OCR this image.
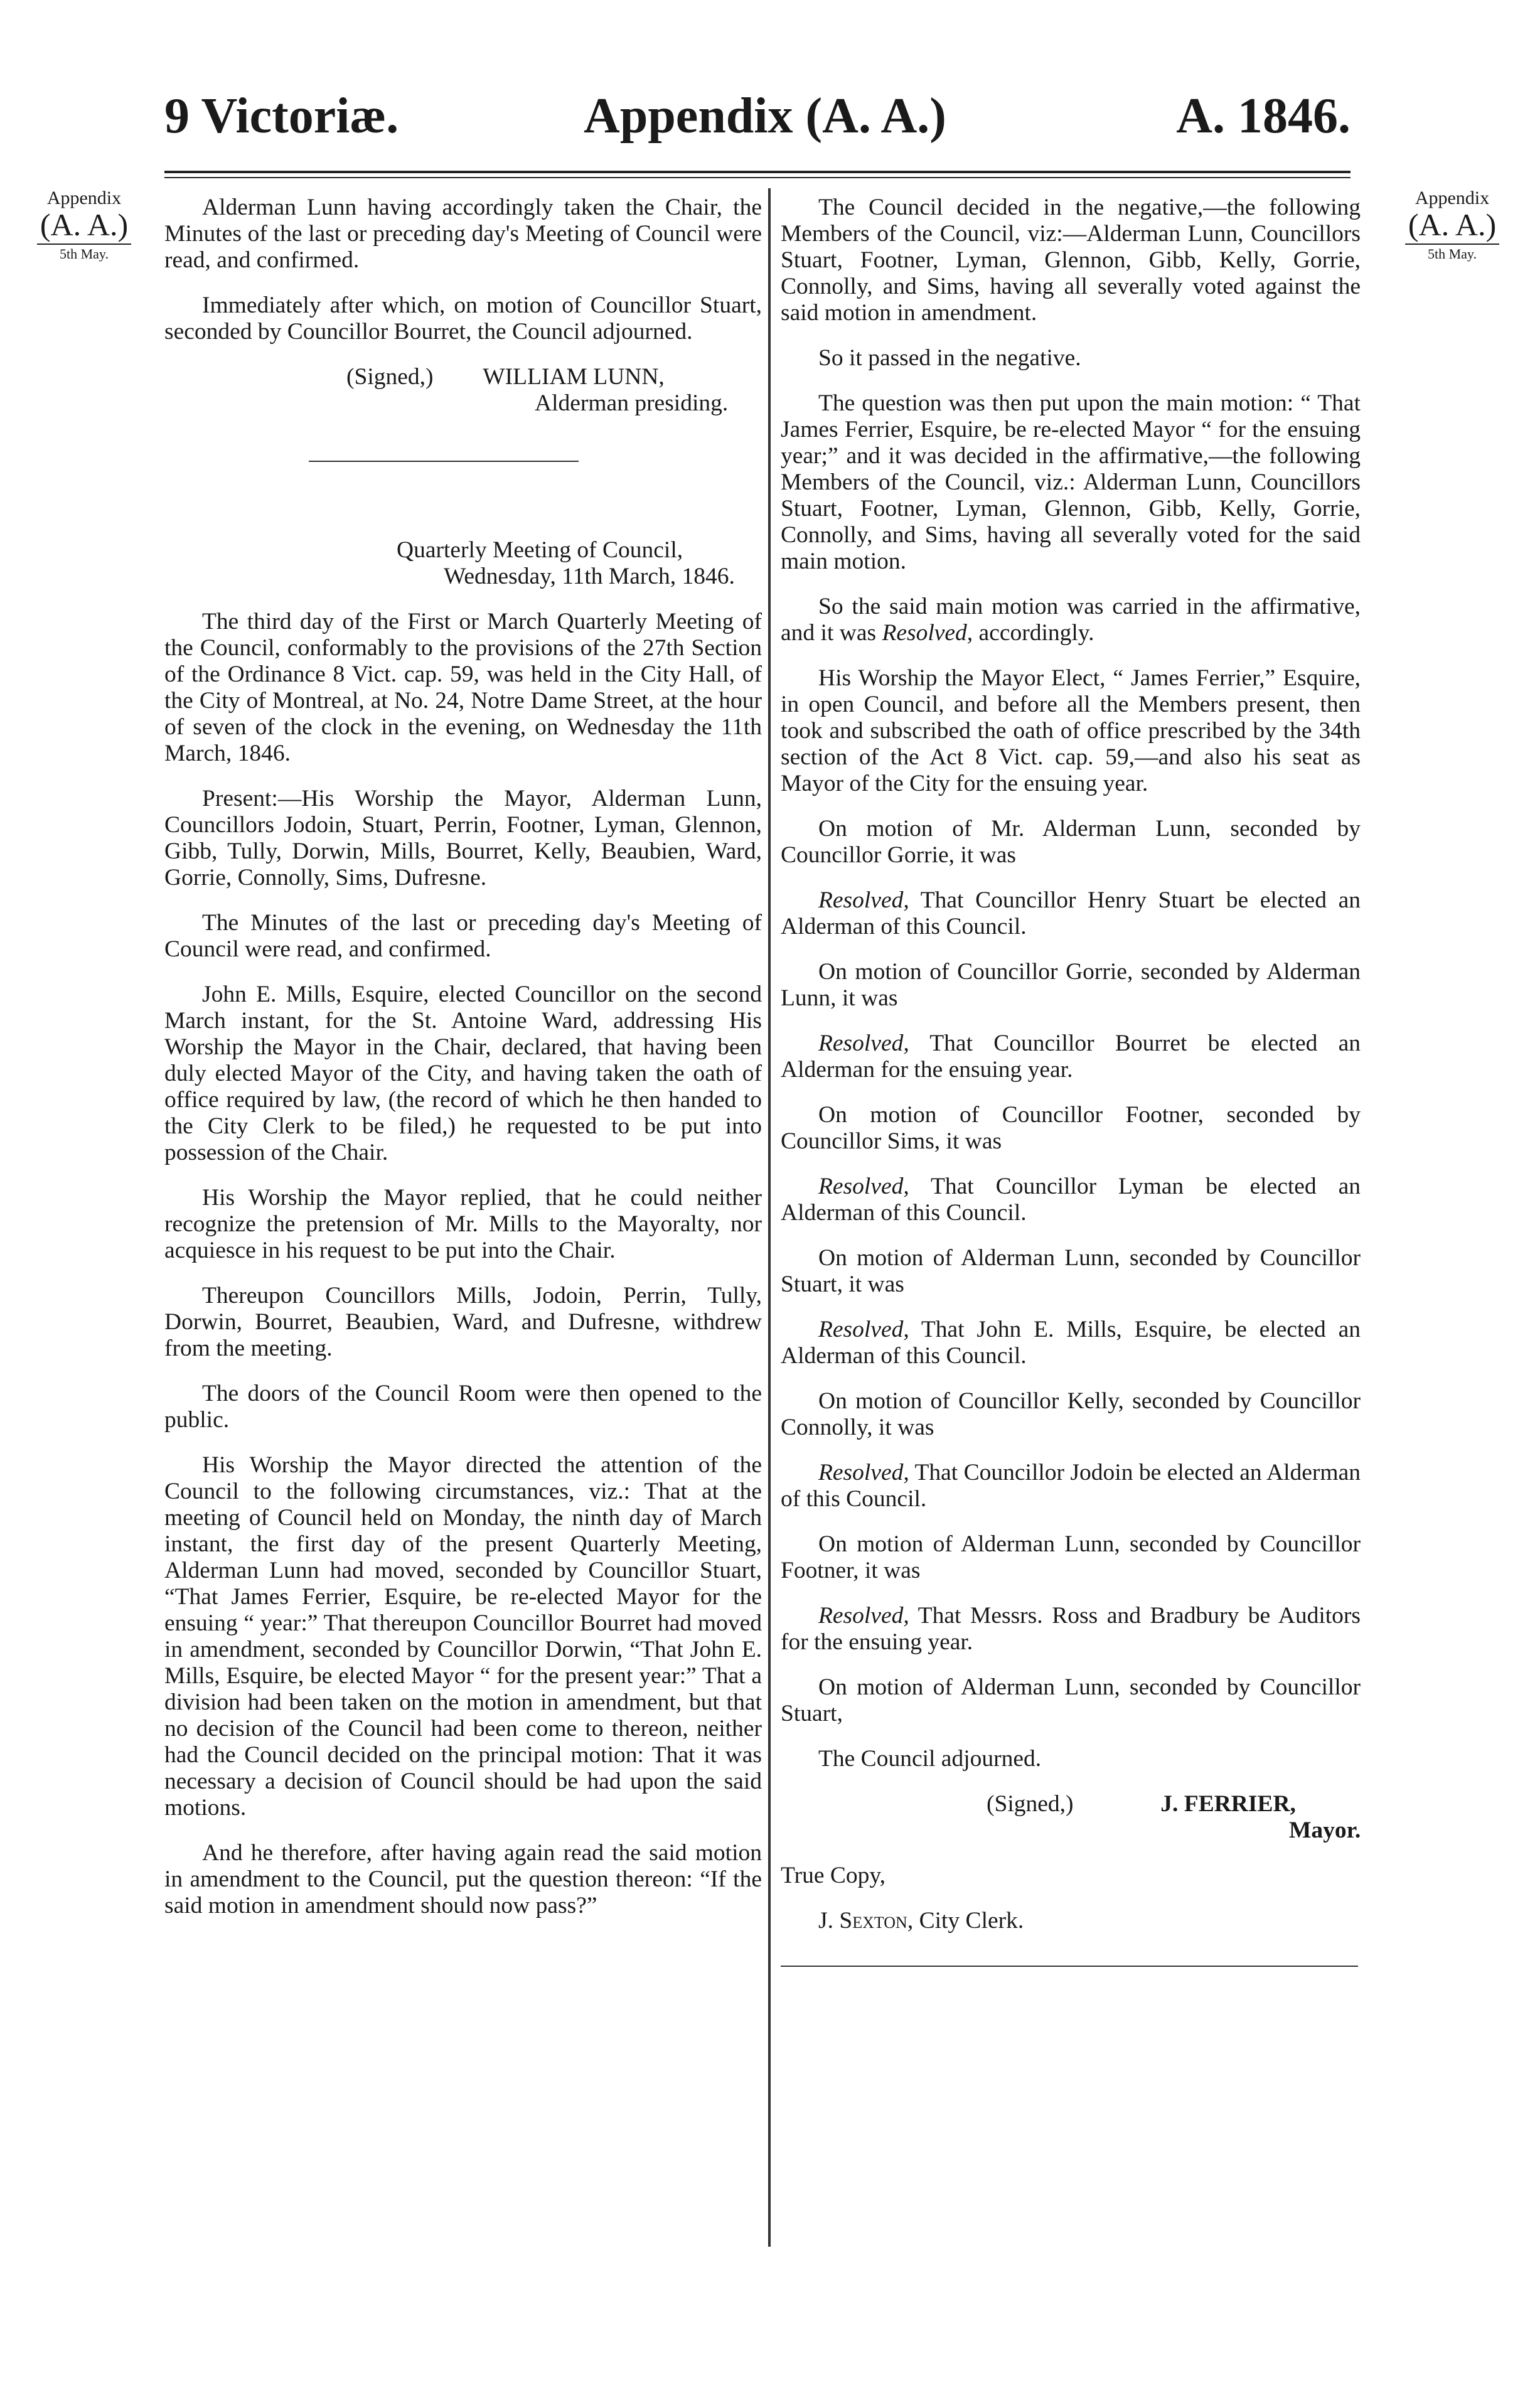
9 Victoriæ.	Appendix (A. A.)	A. 1846.
Appendix
(A. A.)
5th May.
Appendix
(A. A.)
5th May.

Alderman Lunn having accordingly taken the Chair, the Minutes of the last or preceding day's Meeting of Council were read, and confirmed.

Immediately after which, on motion of Councillor Stuart, seconded by Councillor Bourret, the Council adjourned.

(Signed,) WILLIAM LUNN,

Alderman presiding.

Quarterly Meeting of Council,

Wednesday, 11th March, 1846.

The third day of the First or March Quarterly Meeting of the Council, conformably to the provisions of the 27th Section of the Ordinance 8 Vict. cap. 59, was held in the City Hall, of the City of Montreal, at No. 24, Notre Dame Street, at the hour of seven of the clock in the evening, on Wednesday the 11th March, 1846.

Present:—His Worship the Mayor, Alderman Lunn, Councillors Jodoin, Stuart, Perrin, Footner, Lyman, Glennon, Gibb, Tully, Dorwin, Mills, Bourret, Kelly, Beaubien, Ward, Gorrie, Connolly, Sims, Dufresne.

The Minutes of the last or preceding day's Meeting of Council were read, and confirmed.

John E. Mills, Esquire, elected Councillor on the second March instant, for the St. Antoine Ward, addressing His Worship the Mayor in the Chair, declared, that having been duly elected Mayor of the City, and having taken the oath of office required by law, (the record of which he then handed to the City Clerk to be filed,) he requested to be put into possession of the Chair.

His Worship the Mayor replied, that he could neither recognize the pretension of Mr. Mills to the Mayoralty, nor acquiesce in his request to be put into the Chair.

Thereupon Councillors Mills, Jodoin, Perrin, Tully, Dorwin, Bourret, Beaubien, Ward, and Dufresne, withdrew from the meeting.

The doors of the Council Room were then opened to the public.

His Worship the Mayor directed the attention of the Council to the following circumstances, viz.: That at the meeting of Council held on Monday, the ninth day of March instant, the first day of the present Quarterly Meeting, Alderman Lunn had moved, seconded by Councillor Stuart, “That James Ferrier, Esquire, be re-elected Mayor for the ensuing “ year:” That thereupon Councillor Bourret had moved in amendment, seconded by Councillor Dorwin, “That John E. Mills, Esquire, be elected Mayor “ for the present year:” That a division had been taken on the motion in amendment, but that no decision of the Council had been come to thereon, neither had the Council decided on the principal motion: That it was necessary a decision of Council should be had upon the said motions.

And he therefore, after having again read the said motion in amendment to the Council, put the question thereon: “If the said motion in amendment should now pass?”

The Council decided in the negative,—the following Members of the Council, viz:—Alderman Lunn, Councillors Stuart, Footner, Lyman, Glennon, Gibb, Kelly, Gorrie, Connolly, and Sims, having all severally voted against the said motion in amendment.

So it passed in the negative.

The question was then put upon the main motion: “ That James Ferrier, Esquire, be re-elected Mayor “ for the ensuing year;” and it was decided in the affirmative,—the following Members of the Council, viz.: Alderman Lunn, Councillors Stuart, Footner, Lyman, Glennon, Gibb, Kelly, Gorrie, Connolly, and Sims, having all severally voted for the said main motion.

So the said main motion was carried in the affirmative, and it was Resolved, accordingly.

His Worship the Mayor Elect, “ James Ferrier,” Esquire, in open Council, and before all the Members present, then took and subscribed the oath of office prescribed by the 34th section of the Act 8 Vict. cap. 59,—and also his seat as Mayor of the City for the ensuing year.

On motion of Mr. Alderman Lunn, seconded by Councillor Gorrie, it was

Resolved, That Councillor Henry Stuart be elected an Alderman of this Council.

On motion of Councillor Gorrie, seconded by Alderman Lunn, it was

Resolved, That Councillor Bourret be elected an Alderman for the ensuing year.

On motion of Councillor Footner, seconded by Councillor Sims, it was

Resolved, That Councillor Lyman be elected an Alderman of this Council.

On motion of Alderman Lunn, seconded by Councillor Stuart, it was

Resolved, That John E. Mills, Esquire, be elected an Alderman of this Council.

On motion of Councillor Kelly, seconded by Councillor Connolly, it was

Resolved, That Councillor Jodoin be elected an Alderman of this Council.

On motion of Alderman Lunn, seconded by Councillor Footner, it was

Resolved, That Messrs. Ross and Bradbury be Auditors for the ensuing year.

On motion of Alderman Lunn, seconded by Councillor Stuart,

The Council adjourned.

(Signed,)	J. FERRIER,

Mayor.

True Copy,

J. Sexton, City Clerk.
